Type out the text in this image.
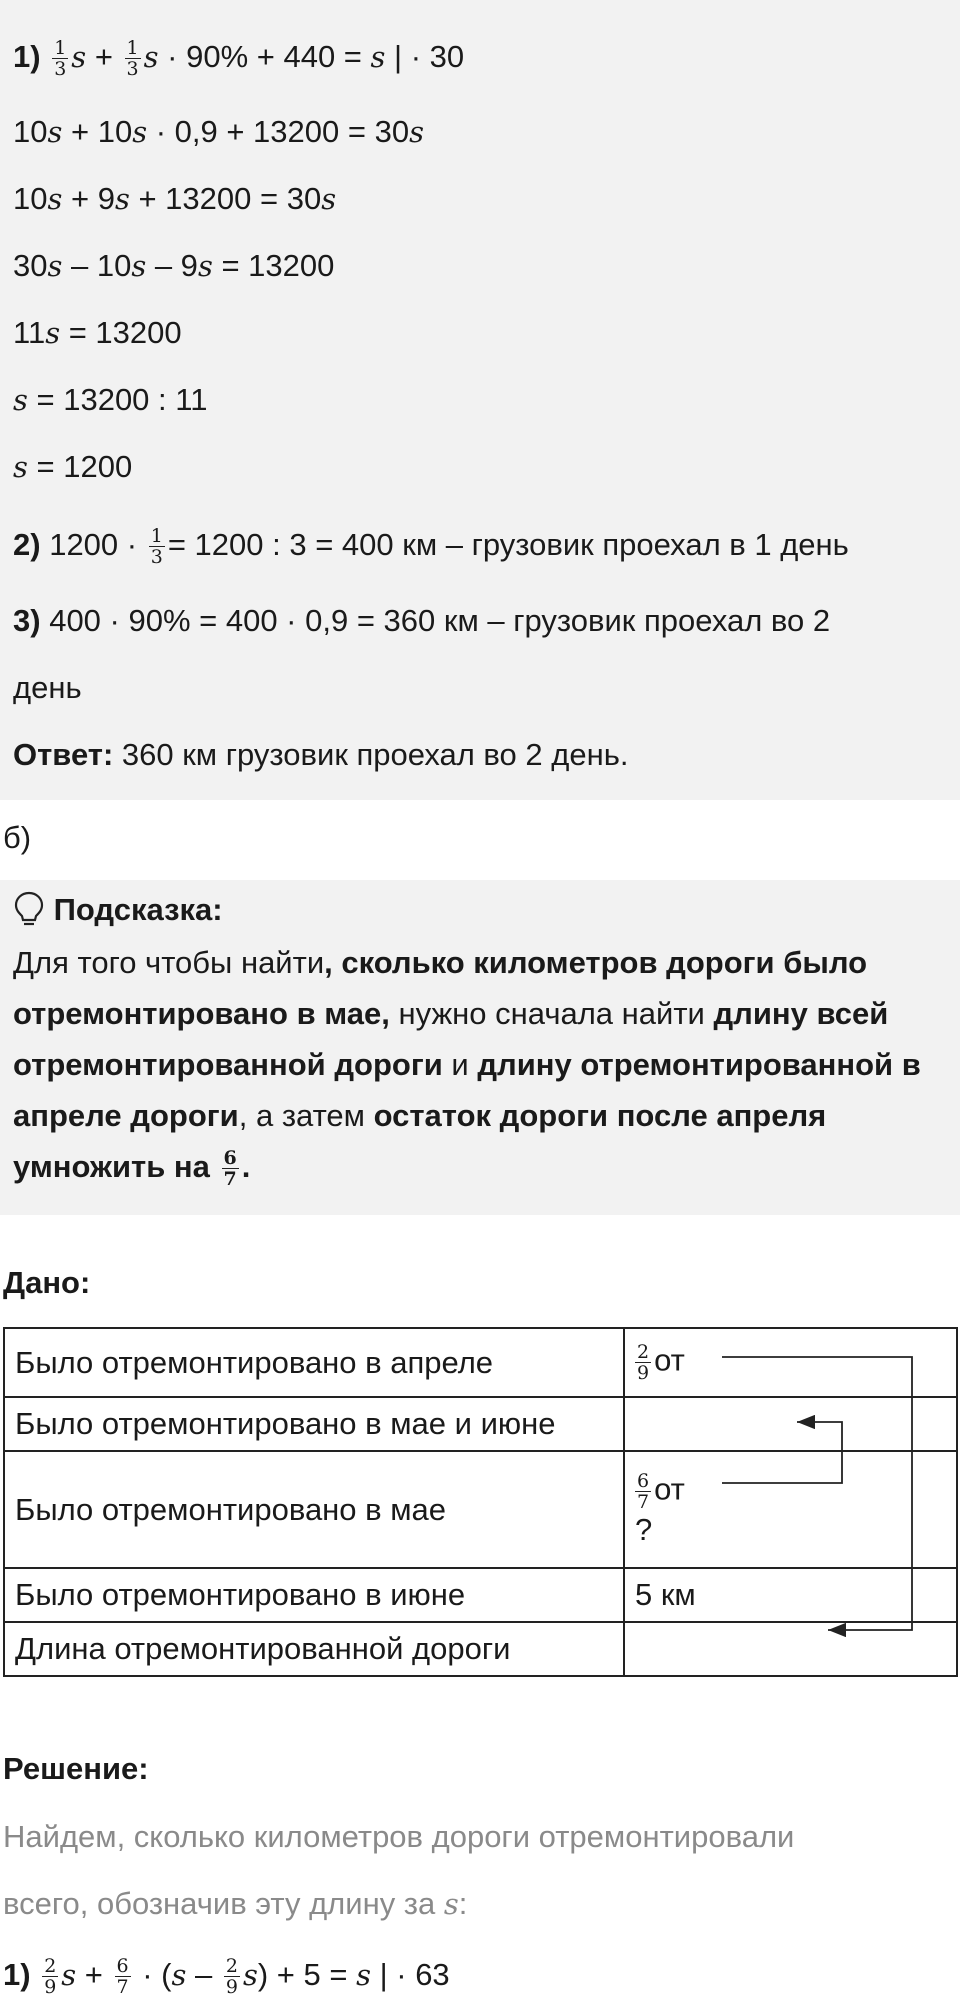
$1) \frac{1}{3}$ $s + \frac{1}{3}$ s · 90% + 440 = s | · 30
10s + 10s · 0,9 + 13200 = 30s
10s + 9s + 13200 = 30s
30s – 10s – 9s = 13200
11s = 13200
s = 13200 : 11
s = 1200
2) $1200 \cdot \frac{1}{3} = 1200$ : 3 = 400 км – грузовик проехал в 1 день
3) 400 · 90% = 400 · 0,9 = 360 км – грузовик проехал во 2
день
Ответ: 360 км грузовик проехал во 2 день.
б)
Подсказка:
Для того чтобы найти, сколько километров дороги было отремонтировано в мае, нужно сначала найти длину всей отремонтированной дороги и длину отремонтированной в апреле дороги, а затем остаток дороги после апреля умножить на $\frac{6}{7}$ .
Дано:
Было отремонтировано в апреле	$\frac{2}{9}$ от
Было отремонтировано в мае и июне	
Было отремонтировано в мае	$\frac{6}{7}$ от
?

Было отремонтировано в июне	5 км
Длина отремонтированной дороги	
Решение:
Найдем, сколько километров дороги отремонтировали
всего, обозначив эту длину за s:
$1) \frac{2}{9}$ $s + \frac{6}{7} \cdot (s - \frac{2}{9} s) + 5 = s$ | · 63
